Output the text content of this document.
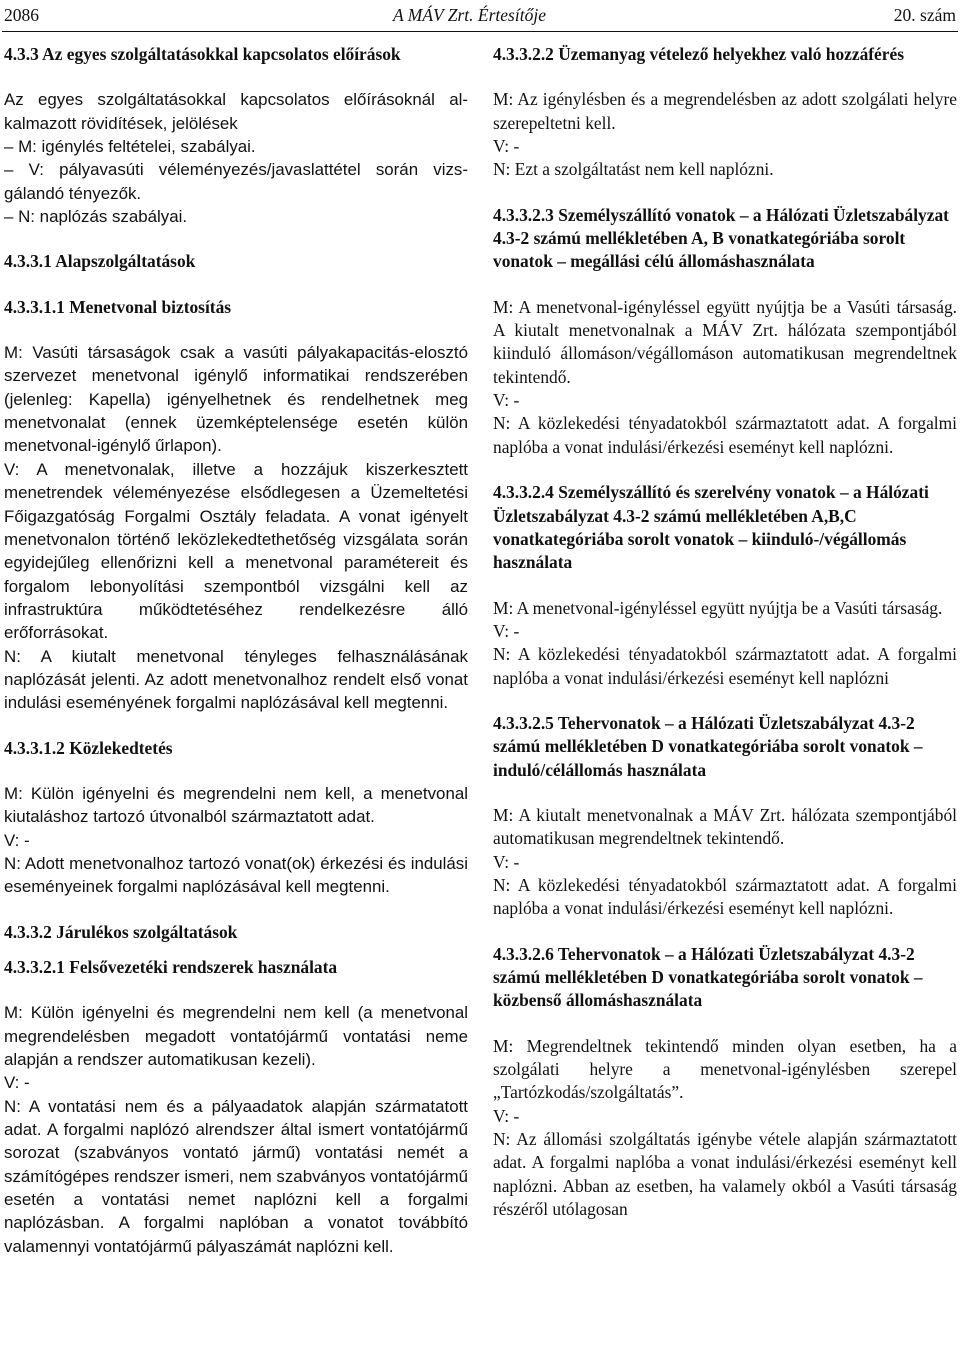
2086	A MÁV Zrt. Értesítője	20. szám
4.3.3 Az egyes szolgáltatásokkal kapcsolatos előírások

Az egyes szolgáltatásokkal kapcsolatos előírásoknál alkalmazott rövidítések, jelölések

– M: igénylés feltételei, szabályai.

– V: pályavasúti véleményezés/javaslattétel során vizsgálandó tényezők.

– N: naplózás szabályai.

4.3.3.1 Alapszolgáltatások
4.3.3.1.1 Menetvonal biztosítás

M: Vasúti társaságok csak a vasúti pályakapacitás-elosztó szervezet menetvonal igénylő informatikai rendszerében (jelenleg: Kapella) igényelhetnek és rendelhetnek meg menetvonalat (ennek üzemképtelensége esetén külön menetvonal-igénylő űrlapon).

V: A menetvonalak, illetve a hozzájuk kiszerkesztett menetrendek véleményezése elsődlegesen a Üzemeltetési Főigazgatóság Forgalmi Osztály feladata. A vonat igényelt menetvonalon történő leközlekedtethetőség vizsgálata során egyidejűleg ellenőrizni kell a menetvonal paramétereit és forgalom lebonyolítási szempontból vizsgálni kell az infrastruktúra működtetéséhez rendelkezésre álló erőforrásokat.

N: A kiutalt menetvonal tényleges felhasználásának naplózását jelenti. Az adott menetvonalhoz rendelt első vonat indulási eseményének forgalmi naplózásával kell megtenni.

4.3.3.1.2 Közlekedtetés

M: Külön igényelni és megrendelni nem kell, a menetvonal kiutaláshoz tartozó útvonalból származtatott adat.

V: -

N: Adott menetvonalhoz tartozó vonat(ok) érkezési és indulási eseményeinek forgalmi naplózásával kell megtenni.

4.3.3.2 Járulékos szolgáltatások
4.3.3.2.1 Felsővezetéki rendszerek használata

M: Külön igényelni és megrendelni nem kell (a menetvonal megrendelésben megadott vontatójármű vontatási neme alapján a rendszer automatikusan kezeli).

V: -

N: A vontatási nem és a pályaadatok alapján szármatatott adat. A forgalmi naplózó alrendszer által ismert vontatójármű sorozat (szabványos vontató jármű) vontatási nemét a számítógépes rendszer ismeri, nem szabványos vontatójármű esetén a vontatási nemet naplózni kell a forgalmi naplózásban. A forgalmi naplóban a vonatot továbbító valamennyi vontatójármű pályaszámát naplózni kell.

4.3.3.2.2 Üzemanyag vételező helyekhez való hozzáférés

M: Az igénylésben és a megrendelésben az adott szolgálati helyre szerepeltetni kell.

V: -

N: Ezt a szolgáltatást nem kell naplózni.

4.3.3.2.3 Személyszállító vonatok – a Hálózati Üzletszabályzat 4.3-2 számú mellékletében A, B vonatkategóriába sorolt vonatok – megállási célú állomáshasználata

M: A menetvonal-igényléssel együtt nyújtja be a Vasúti társaság. A kiutalt menetvonalnak a MÁV Zrt. hálózata szempontjából kiinduló állomáson/végállomáson automatikusan megrendeltnek tekintendő.

V: -

N: A közlekedési tényadatokból származtatott adat. A forgalmi naplóba a vonat indulási/érkezési eseményt kell naplózni.

4.3.3.2.4 Személyszállító és szerelvény vonatok – a Hálózati Üzletszabályzat 4.3-2 számú mellékletében A,B,C vonatkategóriába sorolt vonatok – kiinduló-/végállomás használata

M: A menetvonal-igényléssel együtt nyújtja be a Vasúti társaság.

V: -

N: A közlekedési tényadatokból származtatott adat. A forgalmi naplóba a vonat indulási/érkezési eseményt kell naplózni

4.3.3.2.5 Tehervonatok – a Hálózati Üzletszabályzat 4.3-2 számú mellékletében D vonatkategóriába sorolt vonatok – induló/célállomás használata

M: A kiutalt menetvonalnak a MÁV Zrt. hálózata szempontjából automatikusan megrendeltnek tekintendő.

V: -

N: A közlekedési tényadatokból származtatott adat. A forgalmi naplóba a vonat indulási/érkezési eseményt kell naplózni.

4.3.3.2.6 Tehervonatok – a Hálózati Üzletszabályzat 4.3-2 számú mellékletében D vonatkategóriába sorolt vonatok – közbenső állomáshasználata

M: Megrendeltnek tekintendő minden olyan esetben, ha a szolgálati helyre a menetvonal-igénylésben szerepel „Tartózkodás/szolgáltatás”.

V: -

N: Az állomási szolgáltatás igénybe vétele alapján származtatott adat. A forgalmi naplóba a vonat indulási/érkezési eseményt kell naplózni. Abban az esetben, ha valamely okból a Vasúti társaság részéről utólagosan
